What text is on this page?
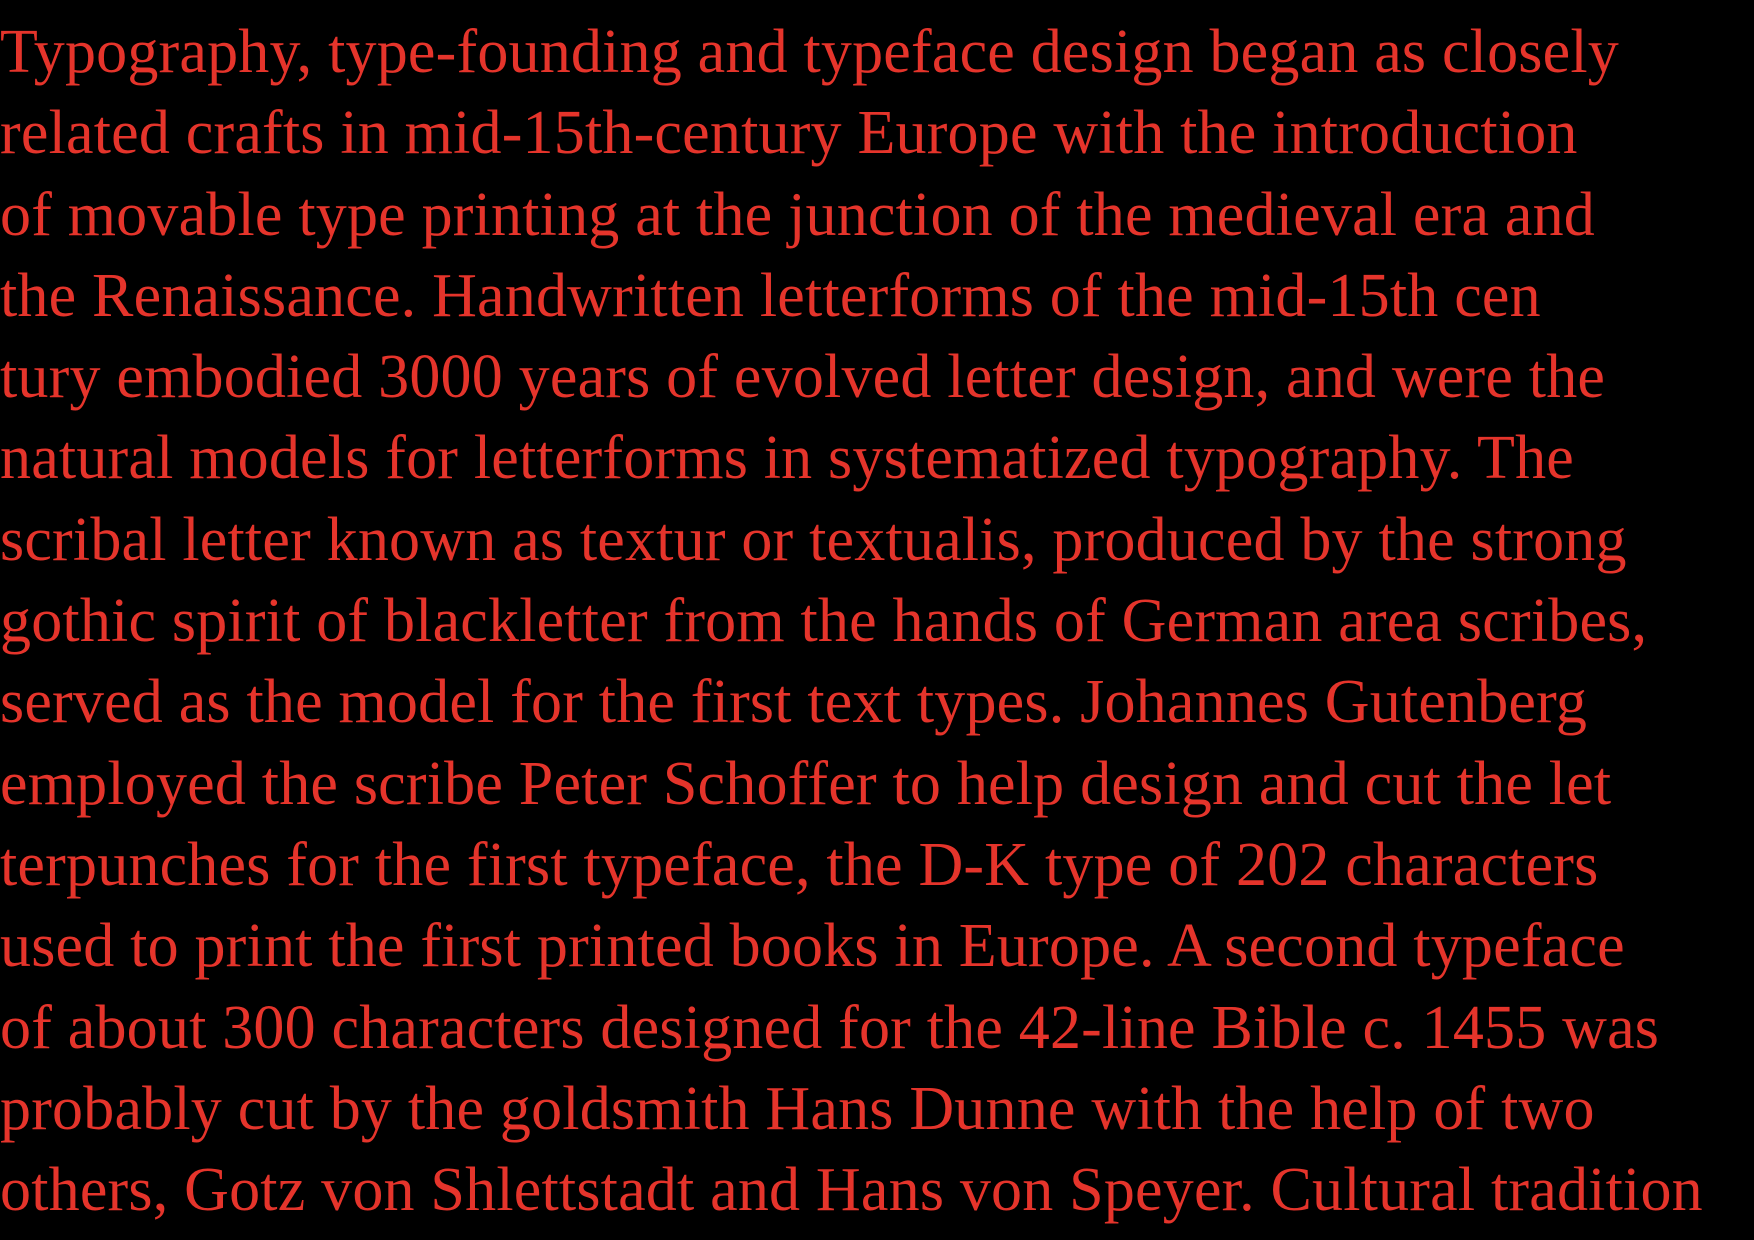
Typography, type-founding and typeface design began as closely
related crafts in mid-15th-century Europe with the introduction
of movable type printing at the junction of the medieval era and
the Renaissance. Handwritten letterforms of the mid-15th cen
tury embodied 3000 years of evolved letter design, and were the
natural models for letterforms in systematized typography. The
scribal letter known as textur or textualis, produced by the strong
gothic spirit of blackletter from the hands of German area scribes,
served as the model for the first text types. Johannes Gutenberg
employed the scribe Peter Schoffer to help design and cut the let
terpunches for the first typeface, the D-K type of 202 characters
used to print the first printed books in Europe. A second typeface
of about 300 characters designed for the 42-line Bible c. 1455 was
probably cut by the goldsmith Hans Dunne with the help of two
others, Gotz von Shlettstadt and Hans von Speyer. Cultural tradition
